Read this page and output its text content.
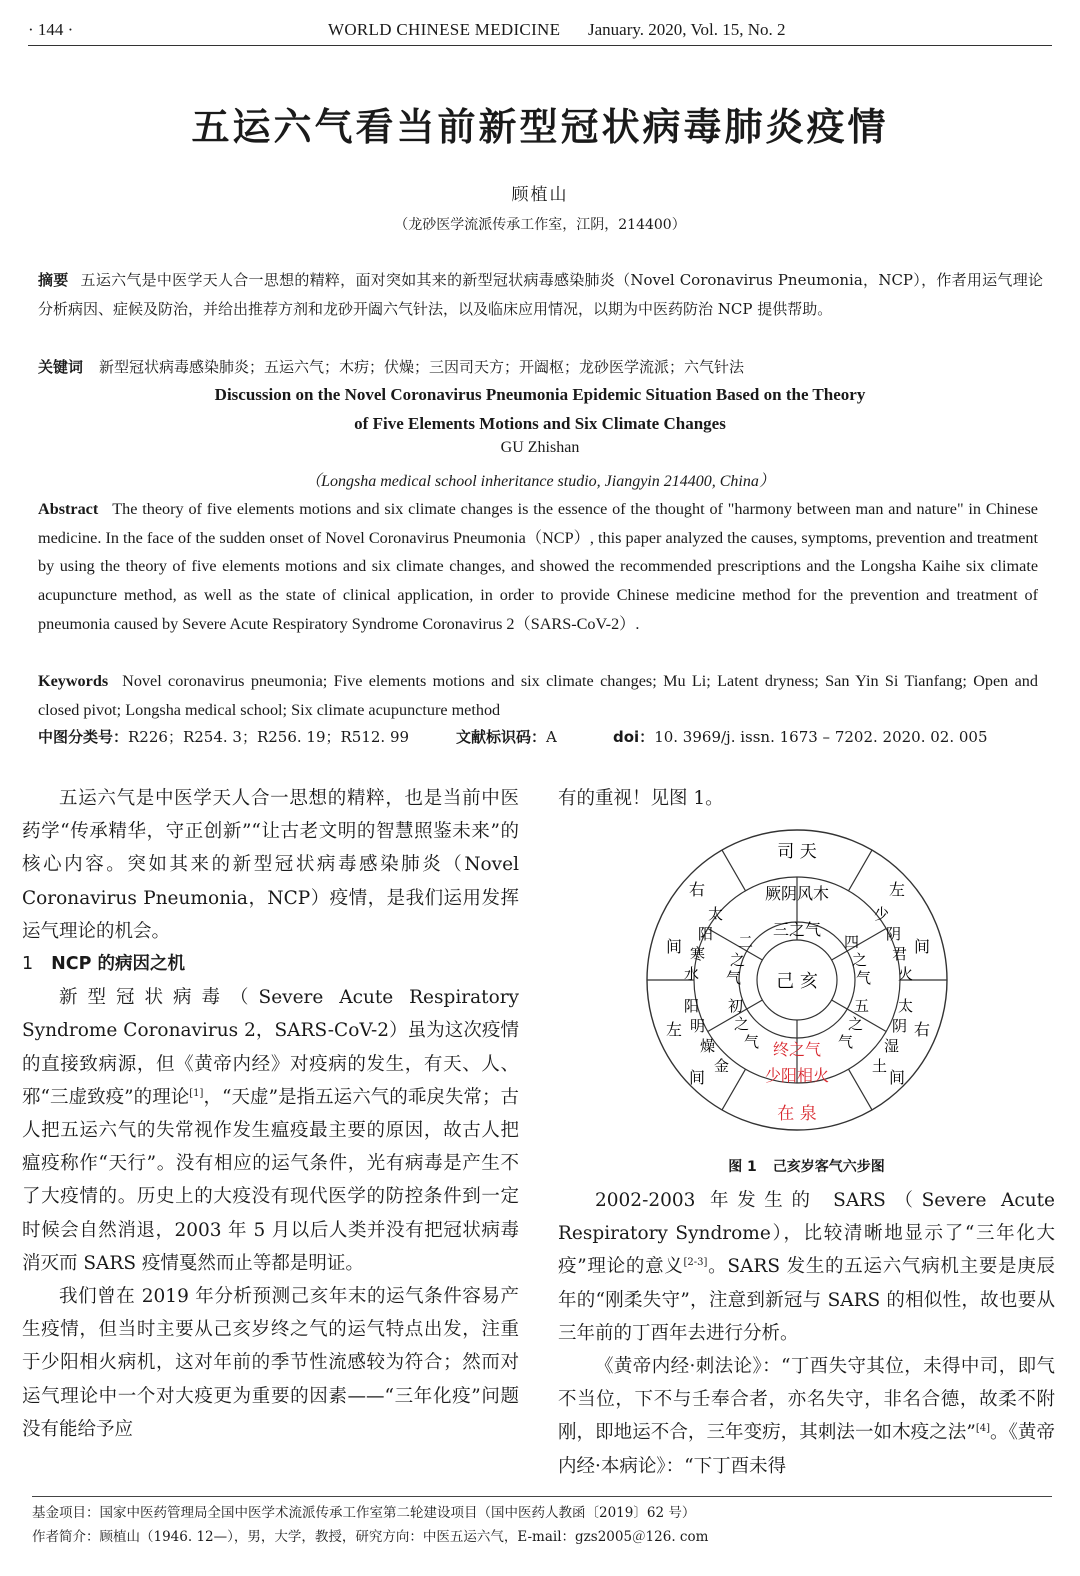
· 144 ·	WORLD CHINESE MEDICINE January. 2020, Vol. 15, No. 2
五运六气看当前新型冠状病毒肺炎疫情
顾植山
（龙砂医学流派传承工作室，江阴，214400）
摘要 五运六气是中医学天人合一思想的精粹，面对突如其来的新型冠状病毒感染肺炎（Novel Coronavirus Pneumonia，NCP），作者用运气理论分析病因、症候及防治，并给出推荐方剂和龙砂开阖六气针法，以及临床应用情况，以期为中医药防治 NCP 提供帮助。
关键词 新型冠状病毒感染肺炎；五运六气；木疠；伏燥；三因司天方；开阖枢；龙砂医学流派；六气针法
Discussion on the Novel Coronavirus Pneumonia Epidemic Situation Based on the Theory
of Five Elements Motions and Six Climate Changes
GU Zhishan
（Longsha medical school inheritance studio, Jiangyin 214400, China）
Abstract The theory of five elements motions and six climate changes is the essence of the thought of "harmony between man and nature" in Chinese medicine. In the face of the sudden onset of Novel Coronavirus Pneumonia（NCP）, this paper analyzed the causes, symptoms, prevention and treatment by using the theory of five elements motions and six climate changes, and showed the recommended prescriptions and the Longsha Kaihe six climate acupuncture method, as well as the state of clinical application, in order to provide Chinese medicine method for the prevention and treatment of pneumonia caused by Severe Acute Respiratory Syndrome Coronavirus 2（SARS-CoV-2）.
Keywords Novel coronavirus pneumonia; Five elements motions and six climate changes; Mu Li; Latent dryness; San Yin Si Tianfang; Open and closed pivot; Longsha medical school; Six climate acupuncture method
中图分类号：R226；R254. 3；R256. 19；R512. 99	文献标识码：A	doi：10. 3969/j. issn. 1673 – 7202. 2020. 02. 005

五运六气是中医学天人合一思想的精粹，也是当前中医药学“传承精华，守正创新”“让古老文明的智慧照鉴未来”的核心内容。突如其来的新型冠状病毒感染肺炎（Novel Coronavirus Pneumonia，NCP）疫情，是我们运用发挥运气理论的机会。

1 NCP 的病因之机

新型冠状病毒（Severe Acute Respiratory Syndrome Coronavirus 2，SARS-CoV-2）虽为这次疫情的直接致病源，但《黄帝内经》对疫病的发生，有天、人、邪“三虚致疫”的理论[1]，“天虚”是指五运六气的乖戾失常；古人把五运六气的失常视作发生瘟疫最主要的原因，故古人把瘟疫称作“天行”。没有相应的运气条件，光有病毒是产生不了大疫情的。历史上的大疫没有现代医学的防控条件到一定时候会自然消退，2003 年 5 月以后人类并没有把冠状病毒消灭而 SARS 疫情戛然而止等都是明证。

我们曾在 2019 年分析预测己亥年末的运气条件容易产生疫情，但当时主要从己亥岁终之气的运气特点出发，注重于少阳相火病机，这对年前的季节性流感较为符合；然而对运气理论中一个对大疫更为重要的因素——“三年化疫”问题没有能给予应

有的重视！见图 1。

司 天
在 泉
右
间
左
间
左
间
右
间
厥阴风木
三之气
终之气
少阳相火
少
阴
君
火
四
之
气
太
阴
湿
土
五
之
气
阳
明
燥
金
初
之
气
太
阳
寒
水
二
之
气 己 亥
图 1 己亥岁客气六步图

2002-2003 年发生的 SARS（Severe Acute Respiratory Syndrome），比较清晰地显示了“三年化大疫”理论的意义[2-3]。SARS 发生的五运六气病机主要是庚辰年的“刚柔失守”，注意到新冠与 SARS 的相似性，故也要从三年前的丁酉年去进行分析。

《黄帝内经·刺法论》：“丁酉失守其位，未得中司，即气不当位，下不与壬奉合者，亦名失守，非名合德，故柔不附刚，即地运不合，三年变疠，其刺法一如木疫之法”[4]。《黄帝内经·本病论》：“下丁酉未得

基金项目：国家中医药管理局全国中医学术流派传承工作室第二轮建设项目（国中医药人教函〔2019〕62 号）
作者简介：顾植山（1946. 12—），男，大学，教授，研究方向：中医五运六气，E-mail：gzs2005＠126. com
